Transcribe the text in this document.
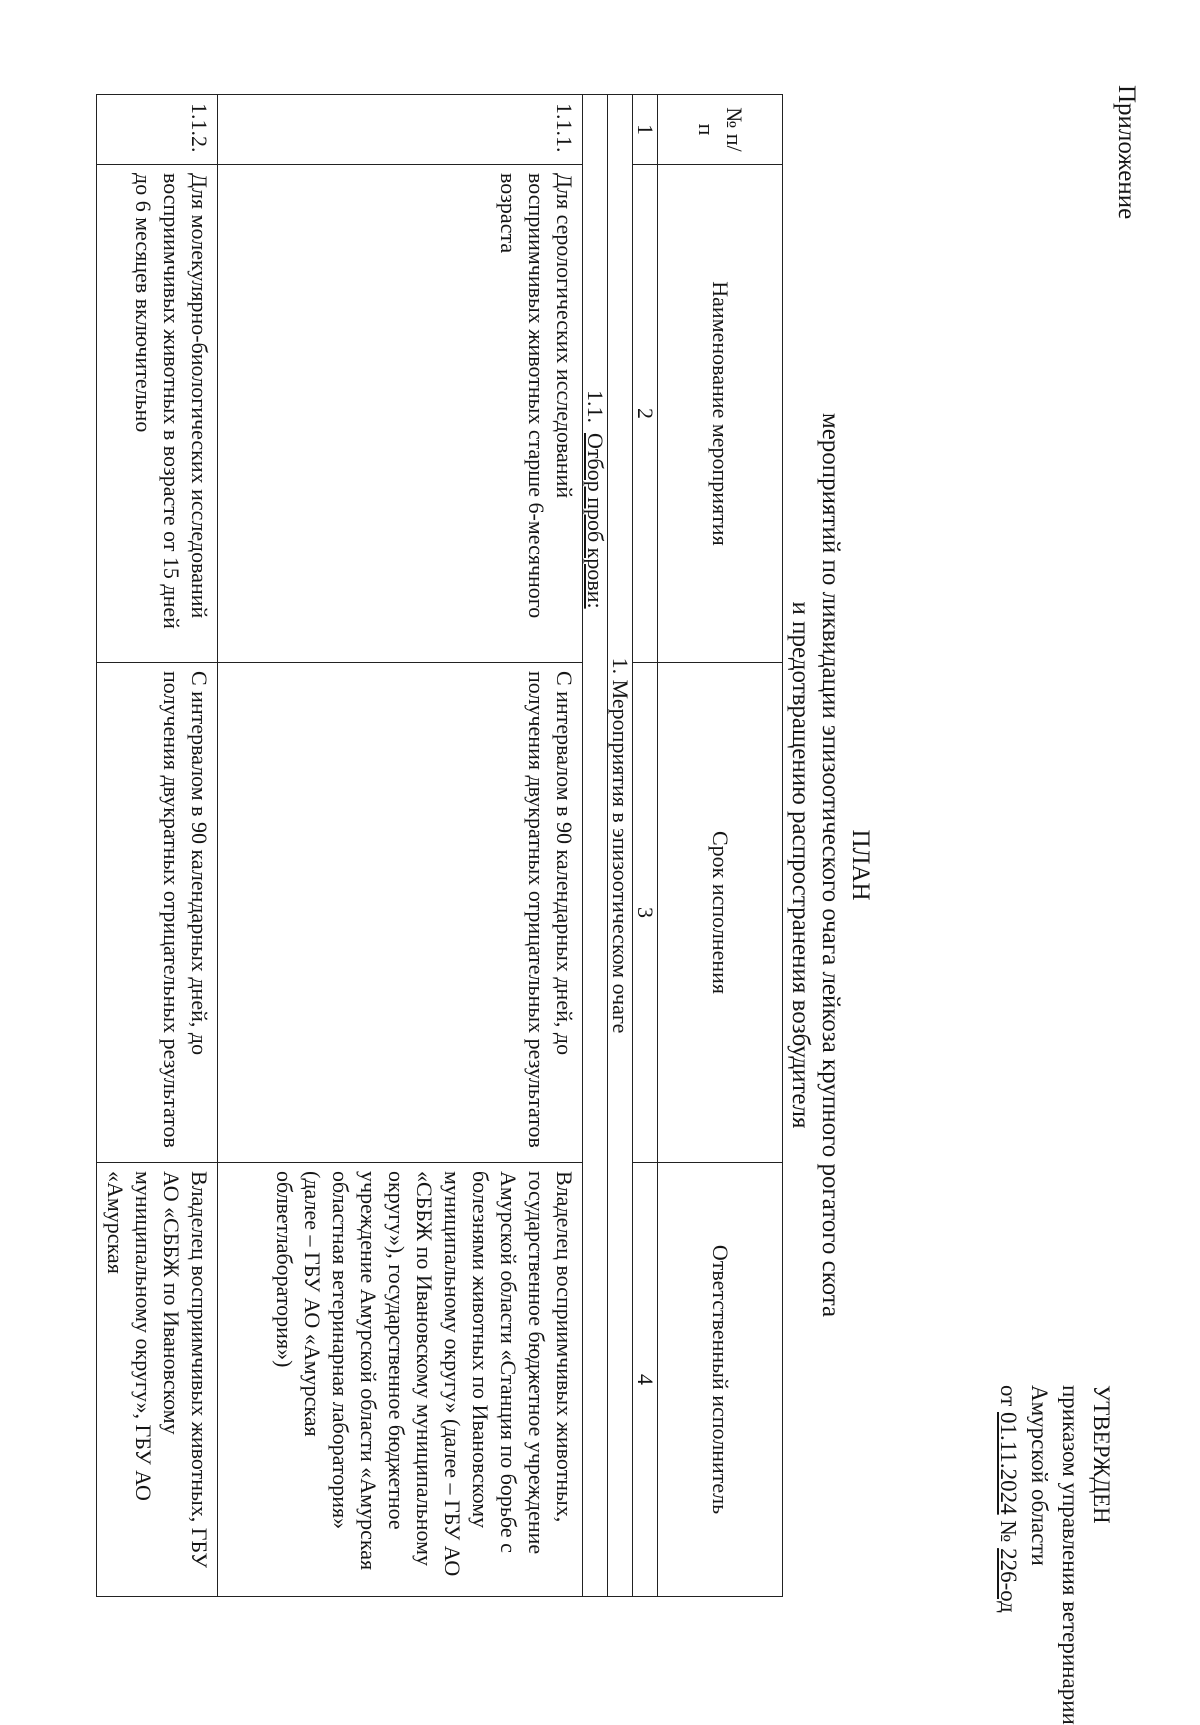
Приложение
УТВЕРЖДЕН
приказом управления ветеринарии
Амурской области
от 01.11.2024 № 226-од
ПЛАН
мероприятий по ликвидации эпизоотического очага лейкоза крупного рогатого скота
и предотвращению распространения возбудителя
№ п/п	Наименование мероприятия	Срок исполнения	Ответственный исполнитель
1	2	3	4
1. Мероприятия в эпизоотическом очаге			
1.1.Отбор проб крови:			
1.1.1.	Для серологических исследований восприимчивых животных старше 6-месячного возраста	С интервалом в 90 календарных дней, до получения двукратных отрицательных результатов	Владелец восприимчивых животных, государственное бюджетное учреждение Амурской области «Станция по борьбе с болезнями животных по Ивановскому муниципальному округу» (далее – ГБУ АО «СББЖ по Ивановскому муниципальному округу»), государственное бюджетное учреждение Амурской области «Амурская областная ветеринарная лаборатория» (далее – ГБУ АО «Амурская облветлаборатория»)
1.1.2.	Для молекулярно-биологических исследований восприимчивых животных в возрасте от 15 дней до 6 месяцев включительно	С интервалом в 90 календарных дней, до получения двукратных отрицательных результатов	Владелец восприимчивых животных, ГБУ АО «СББЖ по Ивановскому муниципальному округу», ГБУ АО «Амурская
